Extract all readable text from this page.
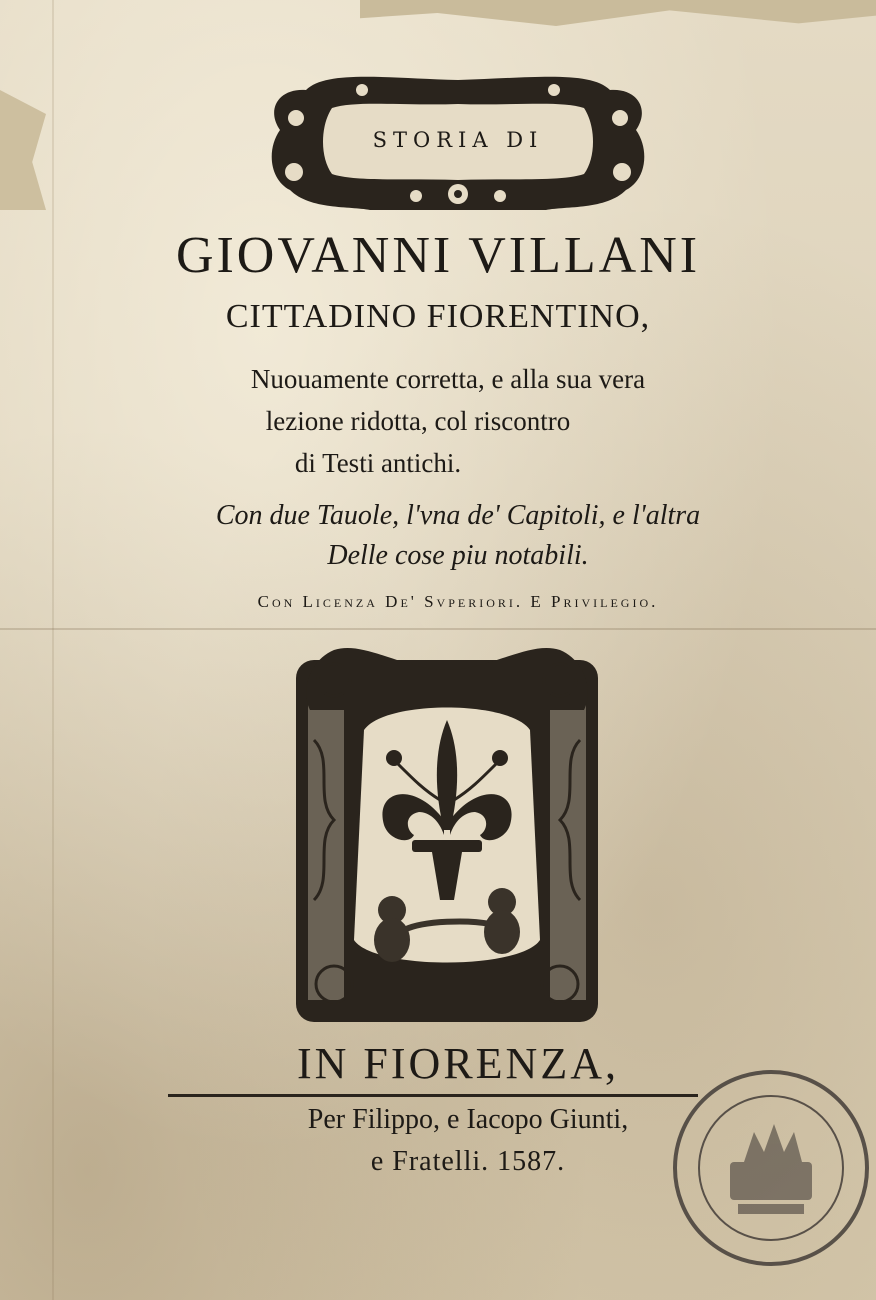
STORIA DI
GIOVANNI VILLANI
CITTADINO FIORENTINO,
Nuouamente corretta, e alla sua vera
lezione ridotta, col riscontro
di Testi antichi.
Con due Tauole, l'vna de' Capitoli, e l'altra
Delle cose piu notabili.
Con Licenza De' Svperiori. E Privilegio.
IN FIORENZA,
Per Filippo, e Iacopo Giunti,
e Fratelli. 1587.
